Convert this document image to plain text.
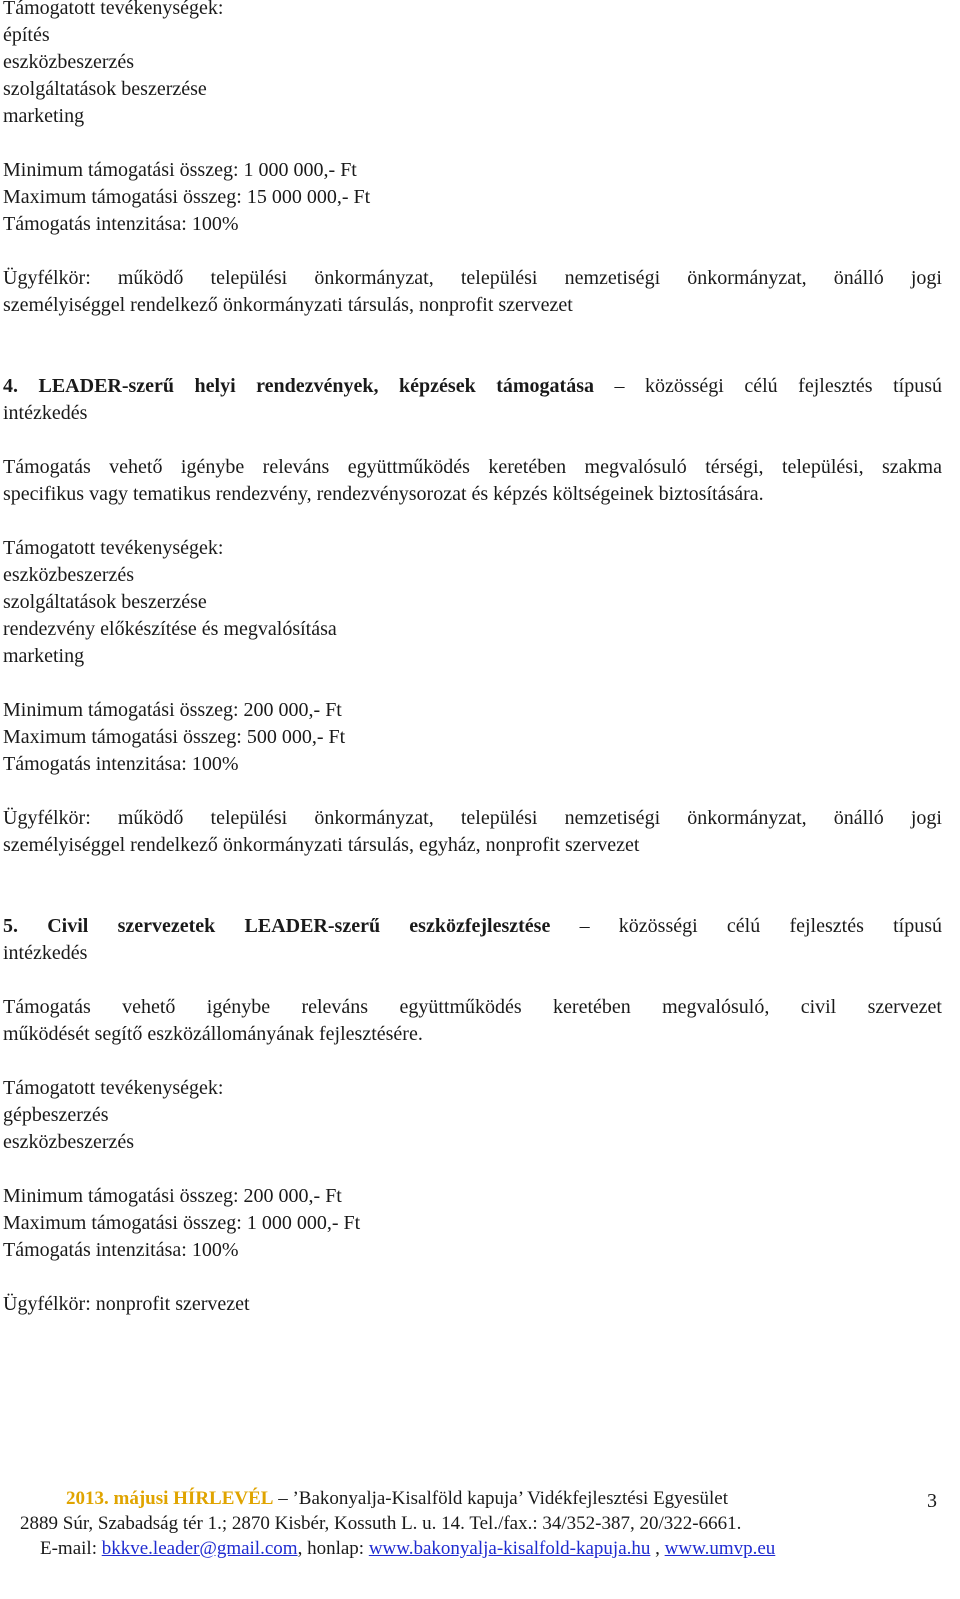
Támogatott tevékenységek:
építés
eszközbeszerzés
szolgáltatások beszerzése
marketing
Minimum támogatási összeg: 1 000 000,- Ft
Maximum támogatási összeg: 15 000 000,- Ft
Támogatás intenzitása: 100%
Ügyfélkör: működő települési önkormányzat, települési nemzetiségi önkormányzat, önálló jogi
személyiséggel rendelkező önkormányzati társulás, nonprofit szervezet
4. LEADER-szerű helyi rendezvények, képzések támogatása – közösségi célú fejlesztés típusú
intézkedés
Támogatás vehető igénybe releváns együttműködés keretében megvalósuló térségi, települési, szakma
specifikus vagy tematikus rendezvény, rendezvénysorozat és képzés költségeinek biztosítására.
Támogatott tevékenységek:
eszközbeszerzés
szolgáltatások beszerzése
rendezvény előkészítése és megvalósítása
marketing
Minimum támogatási összeg: 200 000,- Ft
Maximum támogatási összeg: 500 000,- Ft
Támogatás intenzitása: 100%
Ügyfélkör: működő települési önkormányzat, települési nemzetiségi önkormányzat, önálló jogi
személyiséggel rendelkező önkormányzati társulás, egyház, nonprofit szervezet
5. Civil szervezetek LEADER-szerű eszközfejlesztése – közösségi célú fejlesztés típusú
intézkedés
Támogatás vehető igénybe releváns együttműködés keretében megvalósuló, civil szervezet
működését segítő eszközállományának fejlesztésére.
Támogatott tevékenységek:
gépbeszerzés
eszközbeszerzés
Minimum támogatási összeg: 200 000,- Ft
Maximum támogatási összeg: 1 000 000,- Ft
Támogatás intenzitása: 100%
Ügyfélkör: nonprofit szervezet
2013. májusi HÍRLEVÉL – ’Bakonyalja-Kisalföld kapuja’ Vidékfejlesztési Egyesület	3
2889 Súr, Szabadság tér 1.; 2870 Kisbér, Kossuth L. u. 14. Tel./fax.: 34/352-387, 20/322-6661.
E-mail: bkkve.leader@gmail.com, honlap: www.bakonyalja-kisalfold-kapuja.hu , www.umvp.eu
